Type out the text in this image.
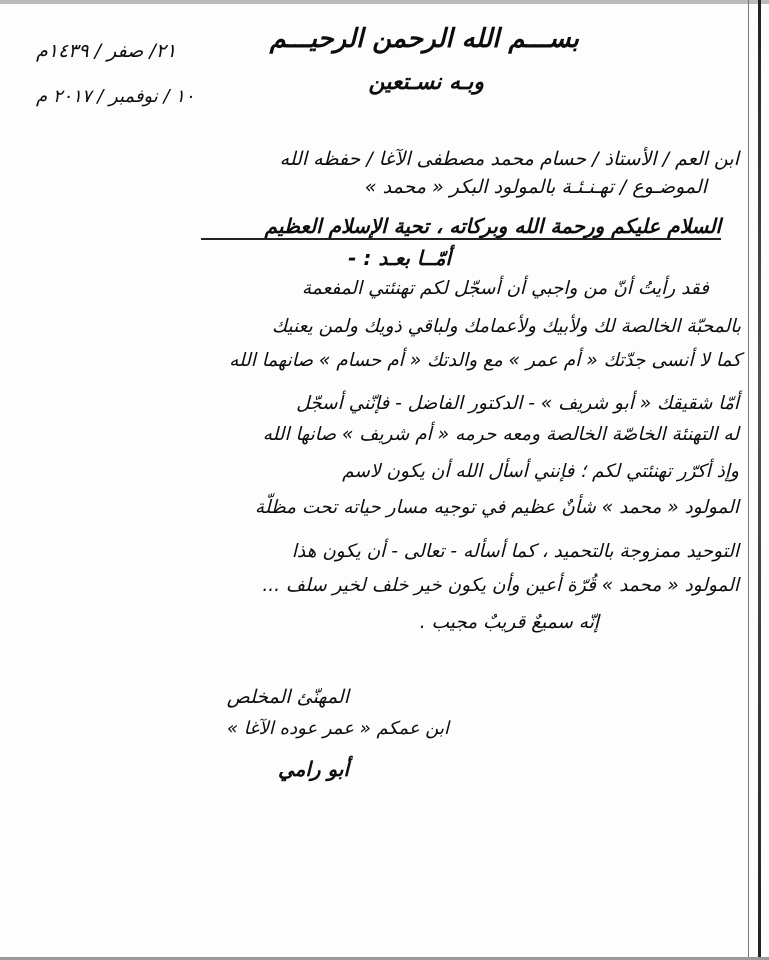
بســـم الله الرحمن الرحيـــم
وبـه نسـتعين
٢١/ صفر / ١٤٣٩م
١٠ / نوفمبر / ٢٠١٧ م
ابن العم / الأستاذ / حسام محمد مصطفى الآغا / حفظه الله
الموضـوع / تهـنـئـة بالمولود البكر « محمد »
السلام عليكم ورحمة الله وبركاته ، تحية الإسلام العظيم
أمّــا بعـد : -
فقد رأيتُ أنّ من واجبي أن أسجّل لكم تهنئتي المفعمة
بالمحبّة الخالصة لك ولأبيك ولأعمامك ولباقي ذويك ولمن يعنيك
كما لا أنسى جدّتك « أم عمر » مع والدتك « أم حسام » صانهما الله
أمّا شقيقك « أبو شريف » - الدكتور الفاضل - فإنّني أسجّل
له التهنئة الخاصّة الخالصة ومعه حرمه « أم شريف » صانها الله
وإذ أكرّر تهنئتي لكم ؛ فإنني أسأل الله أن يكون لاسم
المولود « محمد » شأنٌ عظيم في توجيه مسار حياته تحت مظلّة
التوحيد ممزوجة بالتحميد ، كما أسأله - تعالى - أن يكون هذا
المولود « محمد » قُرّة أعين وأن يكون خير خلف لخير سلف ...
إنّه سميعٌ قريبٌ مجيب .
المهنّئ المخلص
ابن عمكم « عمر عوده الآغا »
أبو رامي
